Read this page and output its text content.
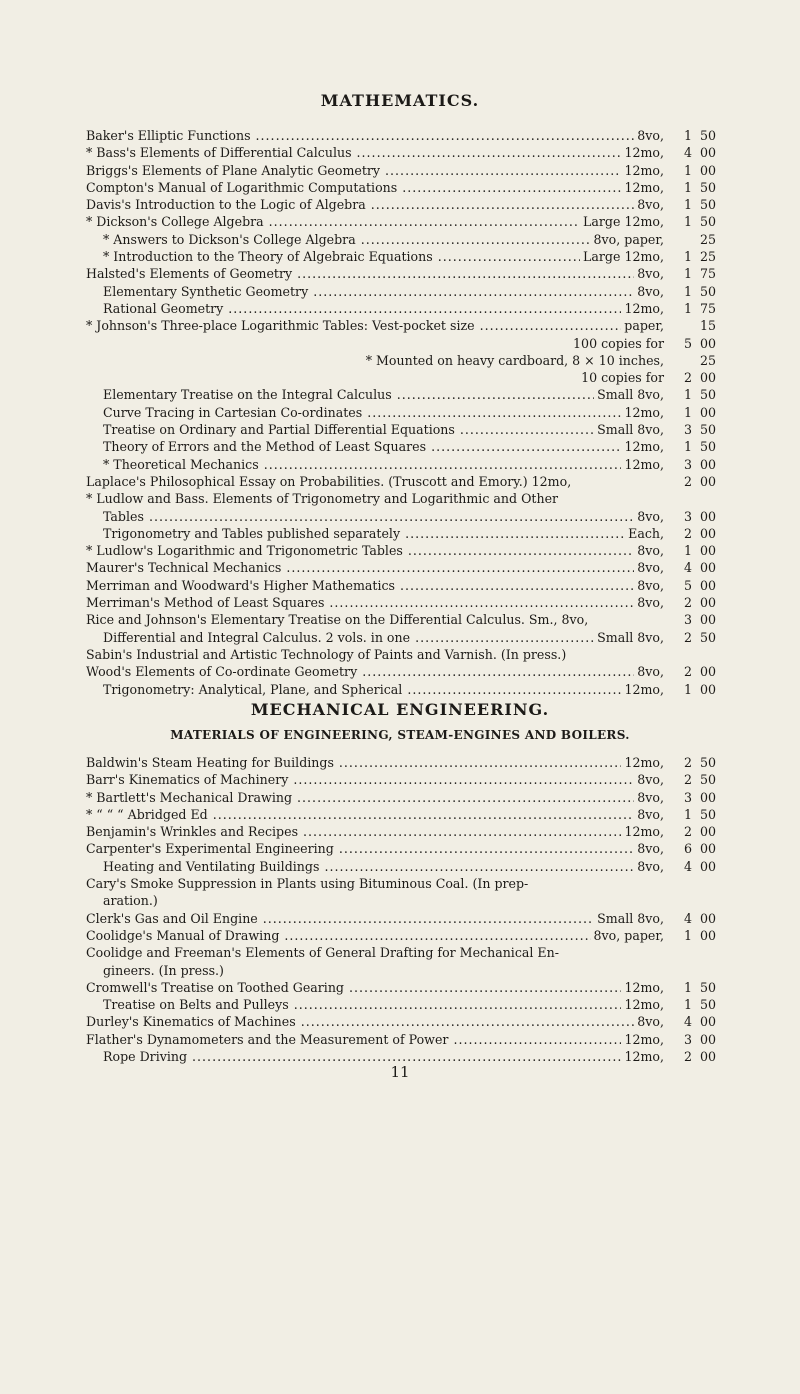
MATHEMATICS.
Baker's Elliptic Functions .....	8vo,	1 50
* Bass's Elements of Differential Calculus .....	12mo,	4 00
Briggs's Elements of Plane Analytic Geometry .....	12mo,	1 00
Compton's Manual of Logarithmic Computations .....	12mo,	1 50
Davis's Introduction to the Logic of Algebra .....	8vo,	1 50
* Dickson's College Algebra .....	Large 12mo,	1 50
* Answers to Dickson's College Algebra .....	8vo, paper,	25
* Introduction to the Theory of Algebraic Equations .....	Large 12mo,	1 25
Halsted's Elements of Geometry .....	8vo,	1 75
Elementary Synthetic Geometry .....	8vo,	1 50
Rational Geometry .....	12mo,	1 75
* Johnson's Three-place Logarithmic Tables: Vest-pocket size .....	paper,	15
100 copies for	5 00
* Mounted on heavy cardboard, 8 × 10 inches,	25
10 copies for	2 00
Elementary Treatise on the Integral Calculus .....	Small 8vo,	1 50
Curve Tracing in Cartesian Co-ordinates .....	12mo,	1 00
Treatise on Ordinary and Partial Differential Equations .....	Small 8vo,	3 50
Theory of Errors and the Method of Least Squares .....	12mo,	1 50
* Theoretical Mechanics .....	12mo,	3 00
Laplace's Philosophical Essay on Probabilities. (Truscott and Emory.) 12mo,	2 00
* Ludlow and Bass. Elements of Trigonometry and Logarithmic and Other
Tables .....	8vo,	3 00
Trigonometry and Tables published separately .....	Each,	2 00
* Ludlow's Logarithmic and Trigonometric Tables .....	8vo,	1 00
Maurer's Technical Mechanics .....	8vo,	4 00
Merriman and Woodward's Higher Mathematics .....	8vo,	5 00
Merriman's Method of Least Squares .....	8vo,	2 00
Rice and Johnson's Elementary Treatise on the Differential Calculus. Sm., 8vo,	3 00
Differential and Integral Calculus. 2 vols. in one .....	Small 8vo,	2 50
Sabin's Industrial and Artistic Technology of Paints and Varnish. (In press.)
Wood's Elements of Co-ordinate Geometry .....	8vo,	2 00
Trigonometry: Analytical, Plane, and Spherical .....	12mo,	1 00
MECHANICAL ENGINEERING.
MATERIALS OF ENGINEERING, STEAM-ENGINES AND BOILERS.
Baldwin's Steam Heating for Buildings .....	12mo,	2 50
Barr's Kinematics of Machinery .....	8vo,	2 50
* Bartlett's Mechanical Drawing .....	8vo,	3 00
* “ “ “ Abridged Ed .....	8vo,	1 50
Benjamin's Wrinkles and Recipes .....	12mo,	2 00
Carpenter's Experimental Engineering .....	8vo,	6 00
Heating and Ventilating Buildings .....	8vo,	4 00
Cary's Smoke Suppression in Plants using Bituminous Coal. (In prep-
aration.)
Clerk's Gas and Oil Engine .....	Small 8vo,	4 00
Coolidge's Manual of Drawing .....	8vo, paper,	1 00
Coolidge and Freeman's Elements of General Drafting for Mechanical En-
gineers. (In press.)
Cromwell's Treatise on Toothed Gearing .....	12mo,	1 50
Treatise on Belts and Pulleys .....	12mo,	1 50
Durley's Kinematics of Machines .....	8vo,	4 00
Flather's Dynamometers and the Measurement of Power .....	12mo,	3 00
Rope Driving .....	12mo,	2 00
11
